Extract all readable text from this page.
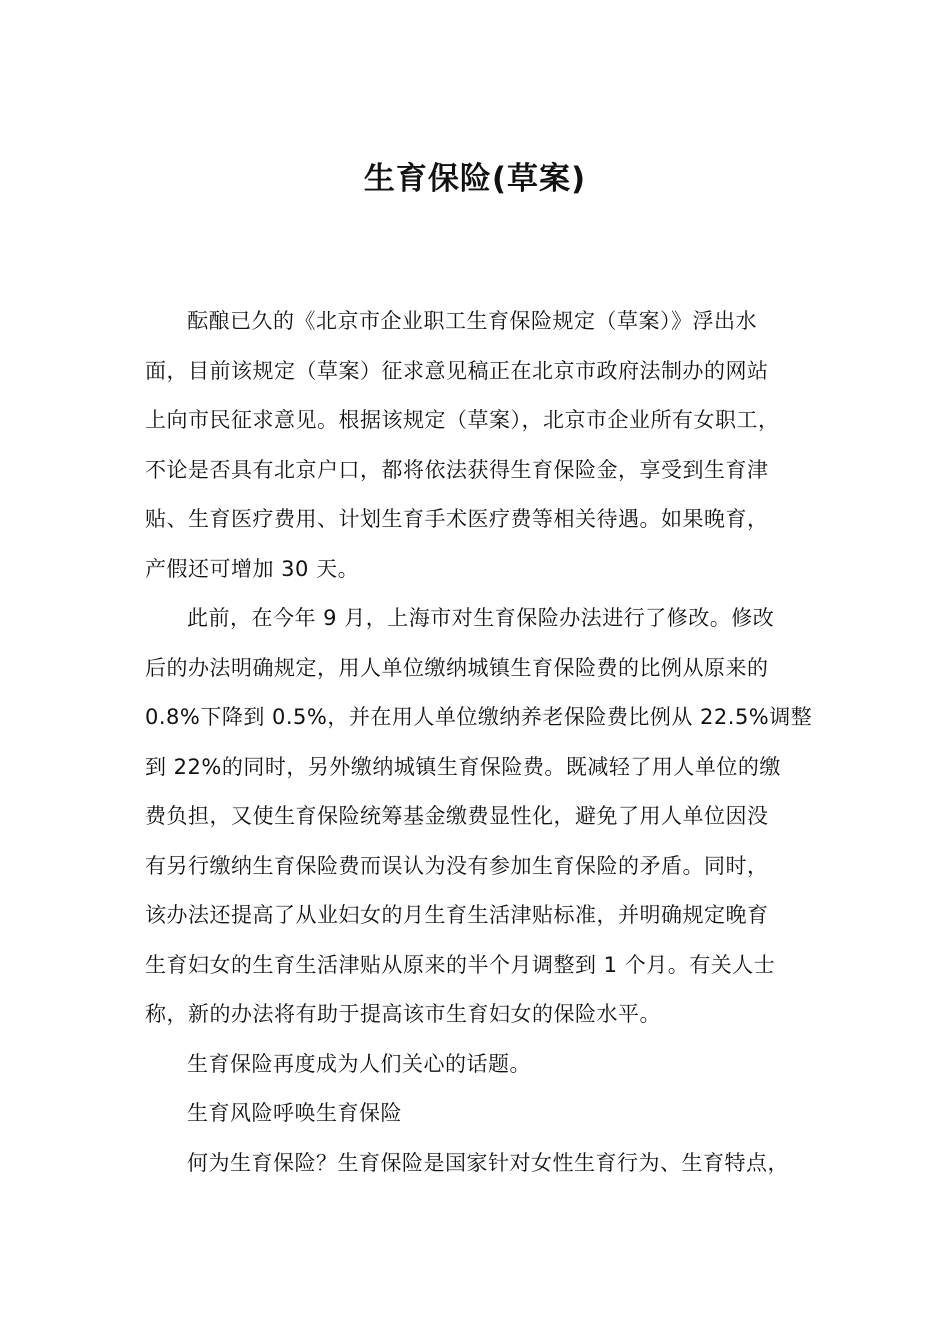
生育保险(草案)

酝酿已久的《北京市企业职工生育保险规定（草案）》浮出水
面，目前该规定（草案）征求意见稿正在北京市政府法制办的网站
上向市民征求意见。根据该规定（草案），北京市企业所有女职工，
不论是否具有北京户口，都将依法获得生育保险金，享受到生育津
贴、生育医疗费用、计划生育手术医疗费等相关待遇。如果晚育，
产假还可增加 30 天。

此前，在今年 9 月，上海市对生育保险办法进行了修改。修改
后的办法明确规定，用人单位缴纳城镇生育保险费的比例从原来的
0.8%下降到 0.5%，并在用人单位缴纳养老保险费比例从 22.5%调整
到 22%的同时，另外缴纳城镇生育保险费。既减轻了用人单位的缴
费负担，又使生育保险统筹基金缴费显性化，避免了用人单位因没
有另行缴纳生育保险费而误认为没有参加生育保险的矛盾。同时，
该办法还提高了从业妇女的月生育生活津贴标准，并明确规定晚育
生育妇女的生育生活津贴从原来的半个月调整到 1 个月。有关人士
称，新的办法将有助于提高该市生育妇女的保险水平。

生育保险再度成为人们关心的话题。

生育风险呼唤生育保险

何为生育保险？生育保险是国家针对女性生育行为、生育特点，
